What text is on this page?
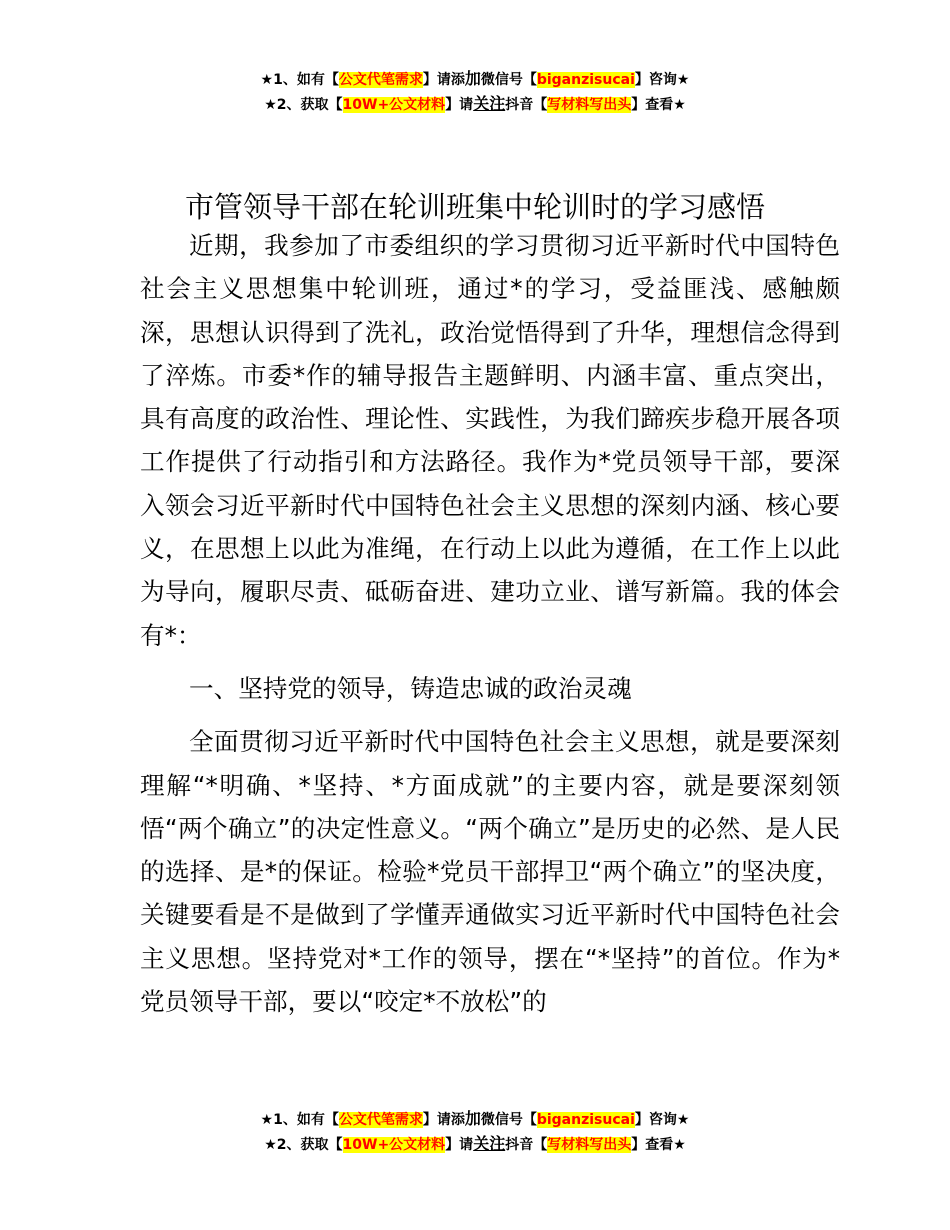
★1、如有【公文代笔需求】请添加微信号【biganzisucai】咨询★
★2、获取【10W+公文材料】请关注抖音【写材料写出头】查看★
市管领导干部在轮训班集中轮训时的学习感悟

近期，我参加了市委组织的学习贯彻习近平新时代中国特色社会主义思想集中轮训班，通过*的学习，受益匪浅、感触颇深，思想认识得到了洗礼，政治觉悟得到了升华，理想信念得到了淬炼。市委*作的辅导报告主题鲜明、内涵丰富、重点突出，具有高度的政治性、理论性、实践性，为我们蹄疾步稳开展各项工作提供了行动指引和方法路径。我作为*党员领导干部，要深入领会习近平新时代中国特色社会主义思想的深刻内涵、核心要义，在思想上以此为准绳，在行动上以此为遵循，在工作上以此为导向，履职尽责、砥砺奋进、建功立业、谱写新篇。我的体会有*：

一、坚持党的领导，铸造忠诚的政治灵魂

全面贯彻习近平新时代中国特色社会主义思想，就是要深刻理解“*明确、*坚持、*方面成就”的主要内容，就是要深刻领悟“两个确立”的决定性意义。“两个确立”是历史的必然、是人民的选择、是*的保证。检验*党员干部捍卫“两个确立”的坚决度，关键要看是不是做到了学懂弄通做实习近平新时代中国特色社会主义思想。坚持党对*工作的领导，摆在“*坚持”的首位。作为*党员领导干部，要以“咬定*不放松”的

★1、如有【公文代笔需求】请添加微信号【biganzisucai】咨询★
★2、获取【10W+公文材料】请关注抖音【写材料写出头】查看★
